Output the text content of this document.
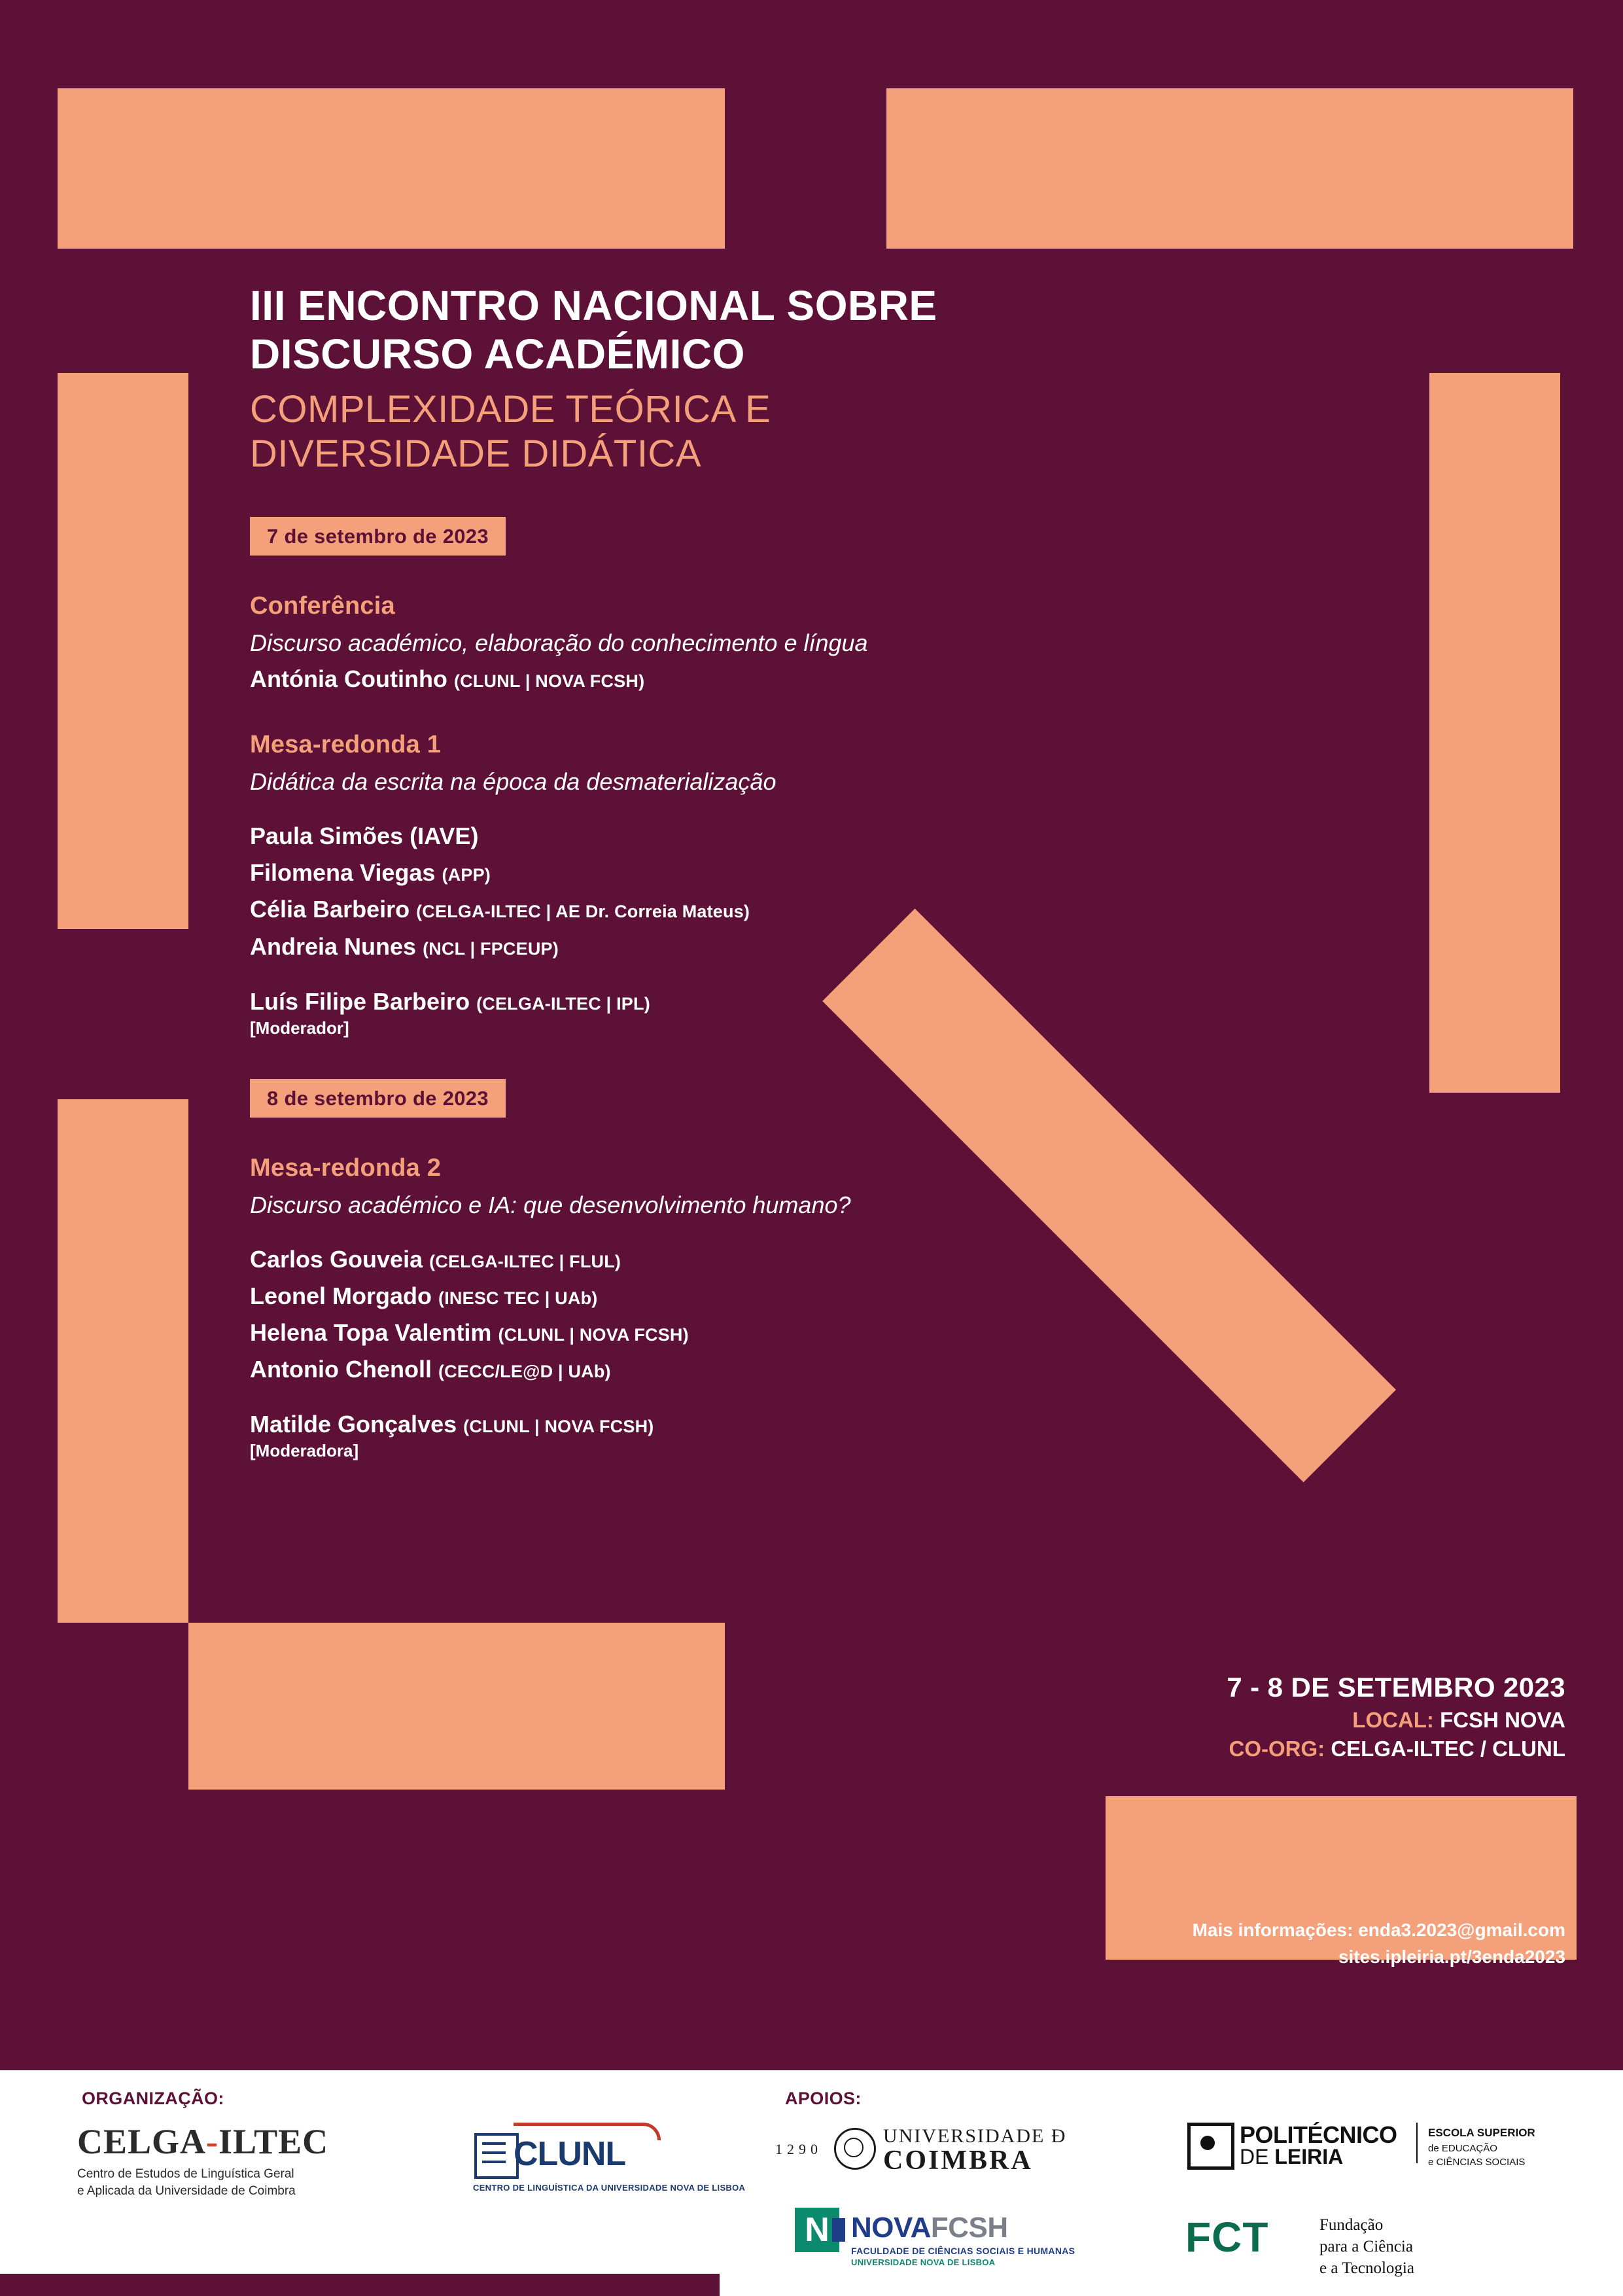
III ENCONTRO NACIONAL SOBRE
DISCURSO ACADÉMICO
COMPLEXIDADE TEÓRICA E
DIVERSIDADE DIDÁTICA
7 de setembro de 2023
Conferência
Discurso académico, elaboração do conhecimento e língua
Antónia Coutinho (CLUNL | NOVA FCSH)
Mesa-redonda 1
Didática da escrita na época da desmaterialização
Paula Simões (IAVE)
Filomena Viegas (APP)
Célia Barbeiro (CELGA-ILTEC | AE Dr. Correia Mateus)
Andreia Nunes (NCL | FPCEUP)
Luís Filipe Barbeiro (CELGA-ILTEC | IPL)
[Moderador]
8 de setembro de 2023
Mesa-redonda 2
Discurso académico e IA: que desenvolvimento humano?
Carlos Gouveia (CELGA-ILTEC | FLUL)
Leonel Morgado (INESC TEC | UAb)
Helena Topa Valentim (CLUNL | NOVA FCSH)
Antonio Chenoll (CECC/LE@D | UAb)
Matilde Gonçalves (CLUNL | NOVA FCSH)
[Moderadora]
7 - 8 DE SETEMBRO 2023
LOCAL: FCSH NOVA
CO-ORG: CELGA-ILTEC / CLUNL
Mais informações: enda3.2023@gmail.com
sites.ipleiria.pt/3enda2023
ORGANIZAÇÃO:	APOIOS:
CELGA-ILTEC
Centro de Estudos de Linguística Geral
e Aplicada da Universidade de Coimbra
CLUNL
CENTRO DE LINGUÍSTICA DA UNIVERSIDADE NOVA DE LISBOA
1290
UNIVERSIDADE Ð
COIMBRA
POLITÉCNICO
DE LEIRIA
ESCOLA SUPERIOR
de EDUCAÇÃO
e CIÊNCIAS SOCIAIS
N NOVAFCSH
FACULDADE DE CIÊNCIAS SOCIAIS E HUMANAS
UNIVERSIDADE NOVA DE LISBOA
FCT	Fundação
para a Ciência
e a Tecnologia
